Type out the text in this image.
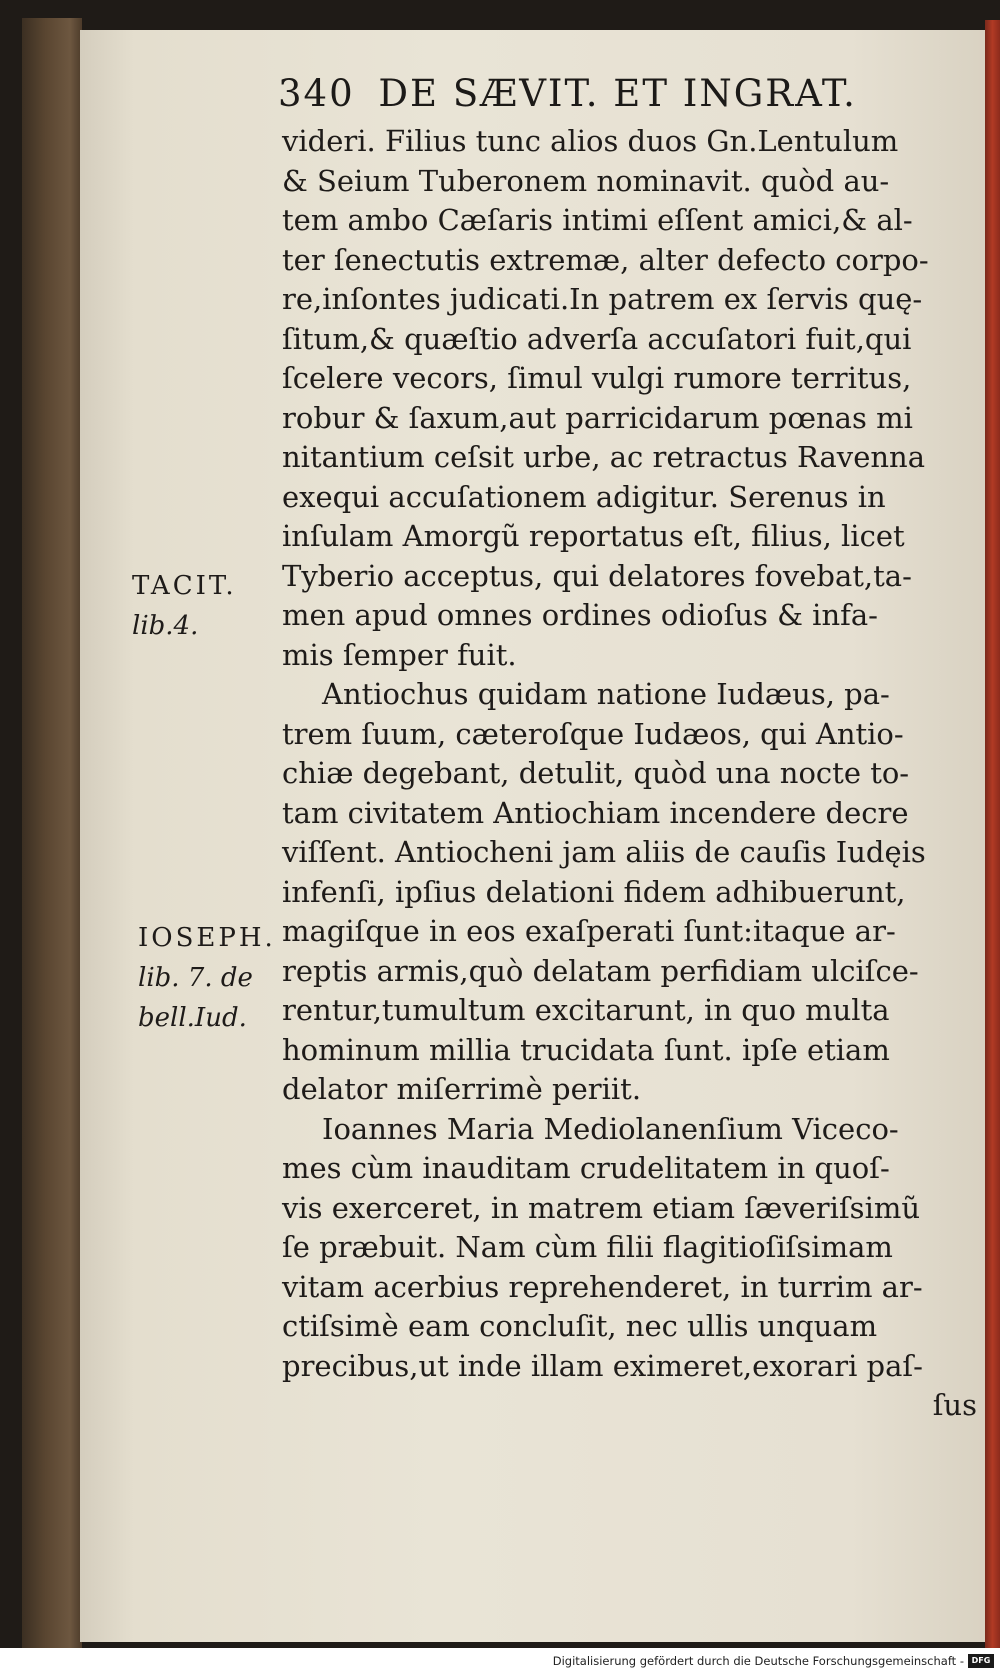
340 DE SÆVIT. ET INGRAT.
videri. Filius tunc alios duos Gn.Lentulum
& Seium Tuberonem nominavit. quòd au-
tem ambo Cæſaris intimi eſſent amici,& al-
ter ſenectutis extremæ, alter defecto corpo-
re,inſontes judicati.In patrem ex ſervis quę-
ſitum,& quæſtio adverſa accuſatori fuit,qui
ſcelere vecors, ſimul vulgi rumore territus,
robur & ſaxum,aut parricidarum pœnas mi
nitantium ceſsit urbe, ac retractus Ravenna
exequi accuſationem adigitur. Serenus in
inſulam Amorgũ reportatus eſt, filius, licet
Tyberio acceptus, qui delatores fovebat,ta-
men apud omnes ordines odioſus & infa-
mis ſemper fuit.
Antiochus quidam natione Iudæus, pa-
trem ſuum, cæteroſque Iudæos, qui Antio-
chiæ degebant, detulit, quòd una nocte to-
tam civitatem Antiochiam incendere decre
viſſent. Antiocheni jam aliis de cauſis Iudęis
infenſi, ipſius delationi fidem adhibuerunt,
magiſque in eos exaſperati ſunt:itaque ar-
reptis armis,quò delatam perfidiam ulciſce-
rentur,tumultum excitarunt, in quo multa
hominum millia trucidata ſunt. ipſe etiam
delator miſerrimè periit.
Ioannes Maria Mediolanenſium Viceco-
mes cùm inauditam crudelitatem in quoſ-
vis exerceret, in matrem etiam ſæveriſsimũ
ſe præbuit. Nam cùm filii flagitioſiſsimam
vitam acerbius reprehenderet, in turrim ar-
ctiſsimè eam concluſit, nec ullis unquam
precibus,ut inde illam eximeret,exorari paſ-
ſus
TACIT.
lib.4.
IOSEPH.
lib. 7. de
bell.Iud.
Digitalisierung gefördert durch die Deutsche Forschungsgemeinschaft - DFG
